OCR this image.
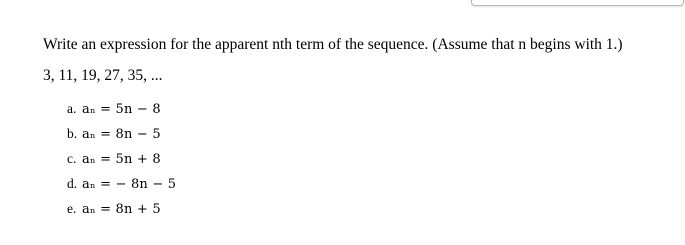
Write an expression for the apparent nth term of the sequence. (Assume that n begins with 1.)
3, 11, 19, 27, 35, ...
a. aₙ = 5n − 8
b. aₙ = 8n − 5
c. aₙ = 5n + 8
d. aₙ = − 8n − 5
e. aₙ = 8n + 5
